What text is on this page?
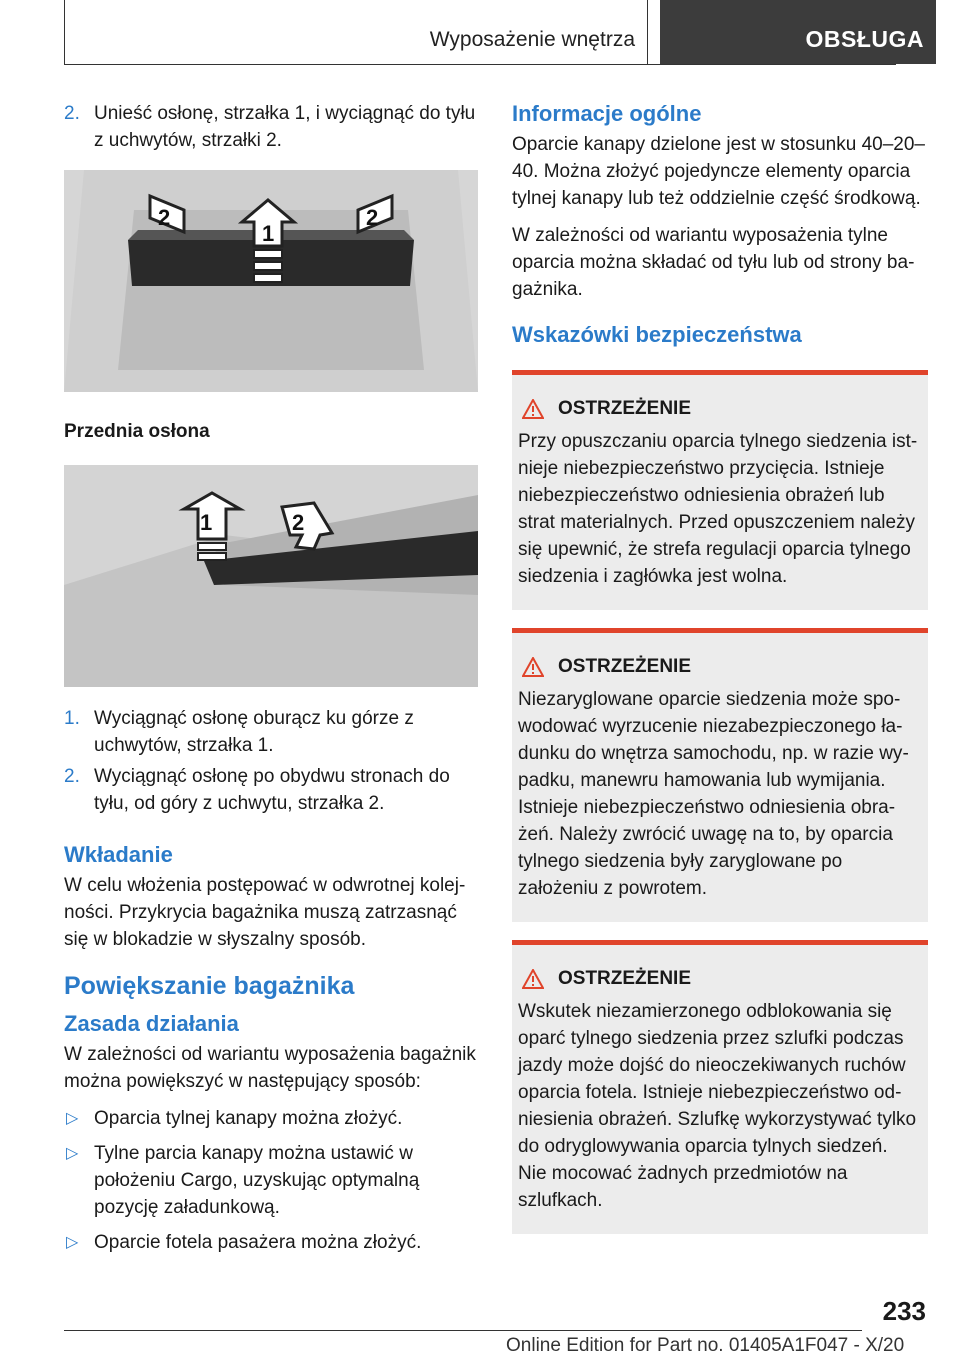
Wyposażenie wnętrza	OBSŁUGA
2. Unieść osłonę, strzałka 1, i wyciągnąć do tyłu z uchwytów, strzałki 2.
2
1
2
Przednia osłona
1	2
1. Wyciągnąć osłonę oburącz ku górze z uchwytów, strzałka 1.
2. Wyciągnąć osłonę po obydwu stronach do tyłu, od góry z uchwytu, strzałka 2.
Wkładanie

W celu włożenia postępować w odwrotnej kolejności. Przykrycia bagażnika muszą zatrzasnąć się w blokadzie w słyszalny sposób.

Powiększanie bagażnika
Zasada działania

W zależności od wariantu wyposażenia bagażnik można powiększyć w następujący sposób:

▷ Oparcia tylnej kanapy można złożyć.
▷ Tylne parcia kanapy można ustawić w położeniu Cargo, uzyskując optymalną pozycję załadunkową.
▷ Oparcie fotela pasażera można złożyć.
Informacje ogólne

Oparcie kanapy dzielone jest w stosunku 40–20–40. Można złożyć pojedyncze elementy oparcia tylnej kanapy lub też oddzielnie część środkową.

W zależności od wariantu wyposażenia tylne oparcia można składać od tyłu lub od strony bagażnika.

Wskazówki bezpieczeństwa
OSTRZEŻENIE
Przy opuszczaniu oparcia tylnego siedzenia istnieje niebezpieczeństwo przycięcia. Istnieje niebezpieczeństwo odniesienia obrażeń lub strat materialnych. Przed opuszczeniem należy się upewnić, że strefa regulacji oparcia tylnego siedzenia i zagłówka jest wolna.
OSTRZEŻENIE
Niezaryglowane oparcie siedzenia może spowodować wyrzucenie niezabezpieczonego ładunku do wnętrza samochodu, np. w razie wypadku, manewru hamowania lub wymijania. Istnieje niebezpieczeństwo odniesienia obrażeń. Należy zwrócić uwagę na to, by oparcia tylnego siedzenia były zaryglowane po założeniu z powrotem.
OSTRZEŻENIE
Wskutek niezamierzonego odblokowania się oparć tylnego siedzenia przez szlufki podczas jazdy może dojść do nieoczekiwanych ruchów oparcia fotela. Istnieje niebezpieczeństwo odniesienia obrażeń. Szlufkę wykorzystywać tylko do odryglowywania oparcia tylnych siedzeń. Nie mocować żadnych przedmiotów na szlufkach.
233
Online Edition for Part no. 01405A1F047 - X/20
